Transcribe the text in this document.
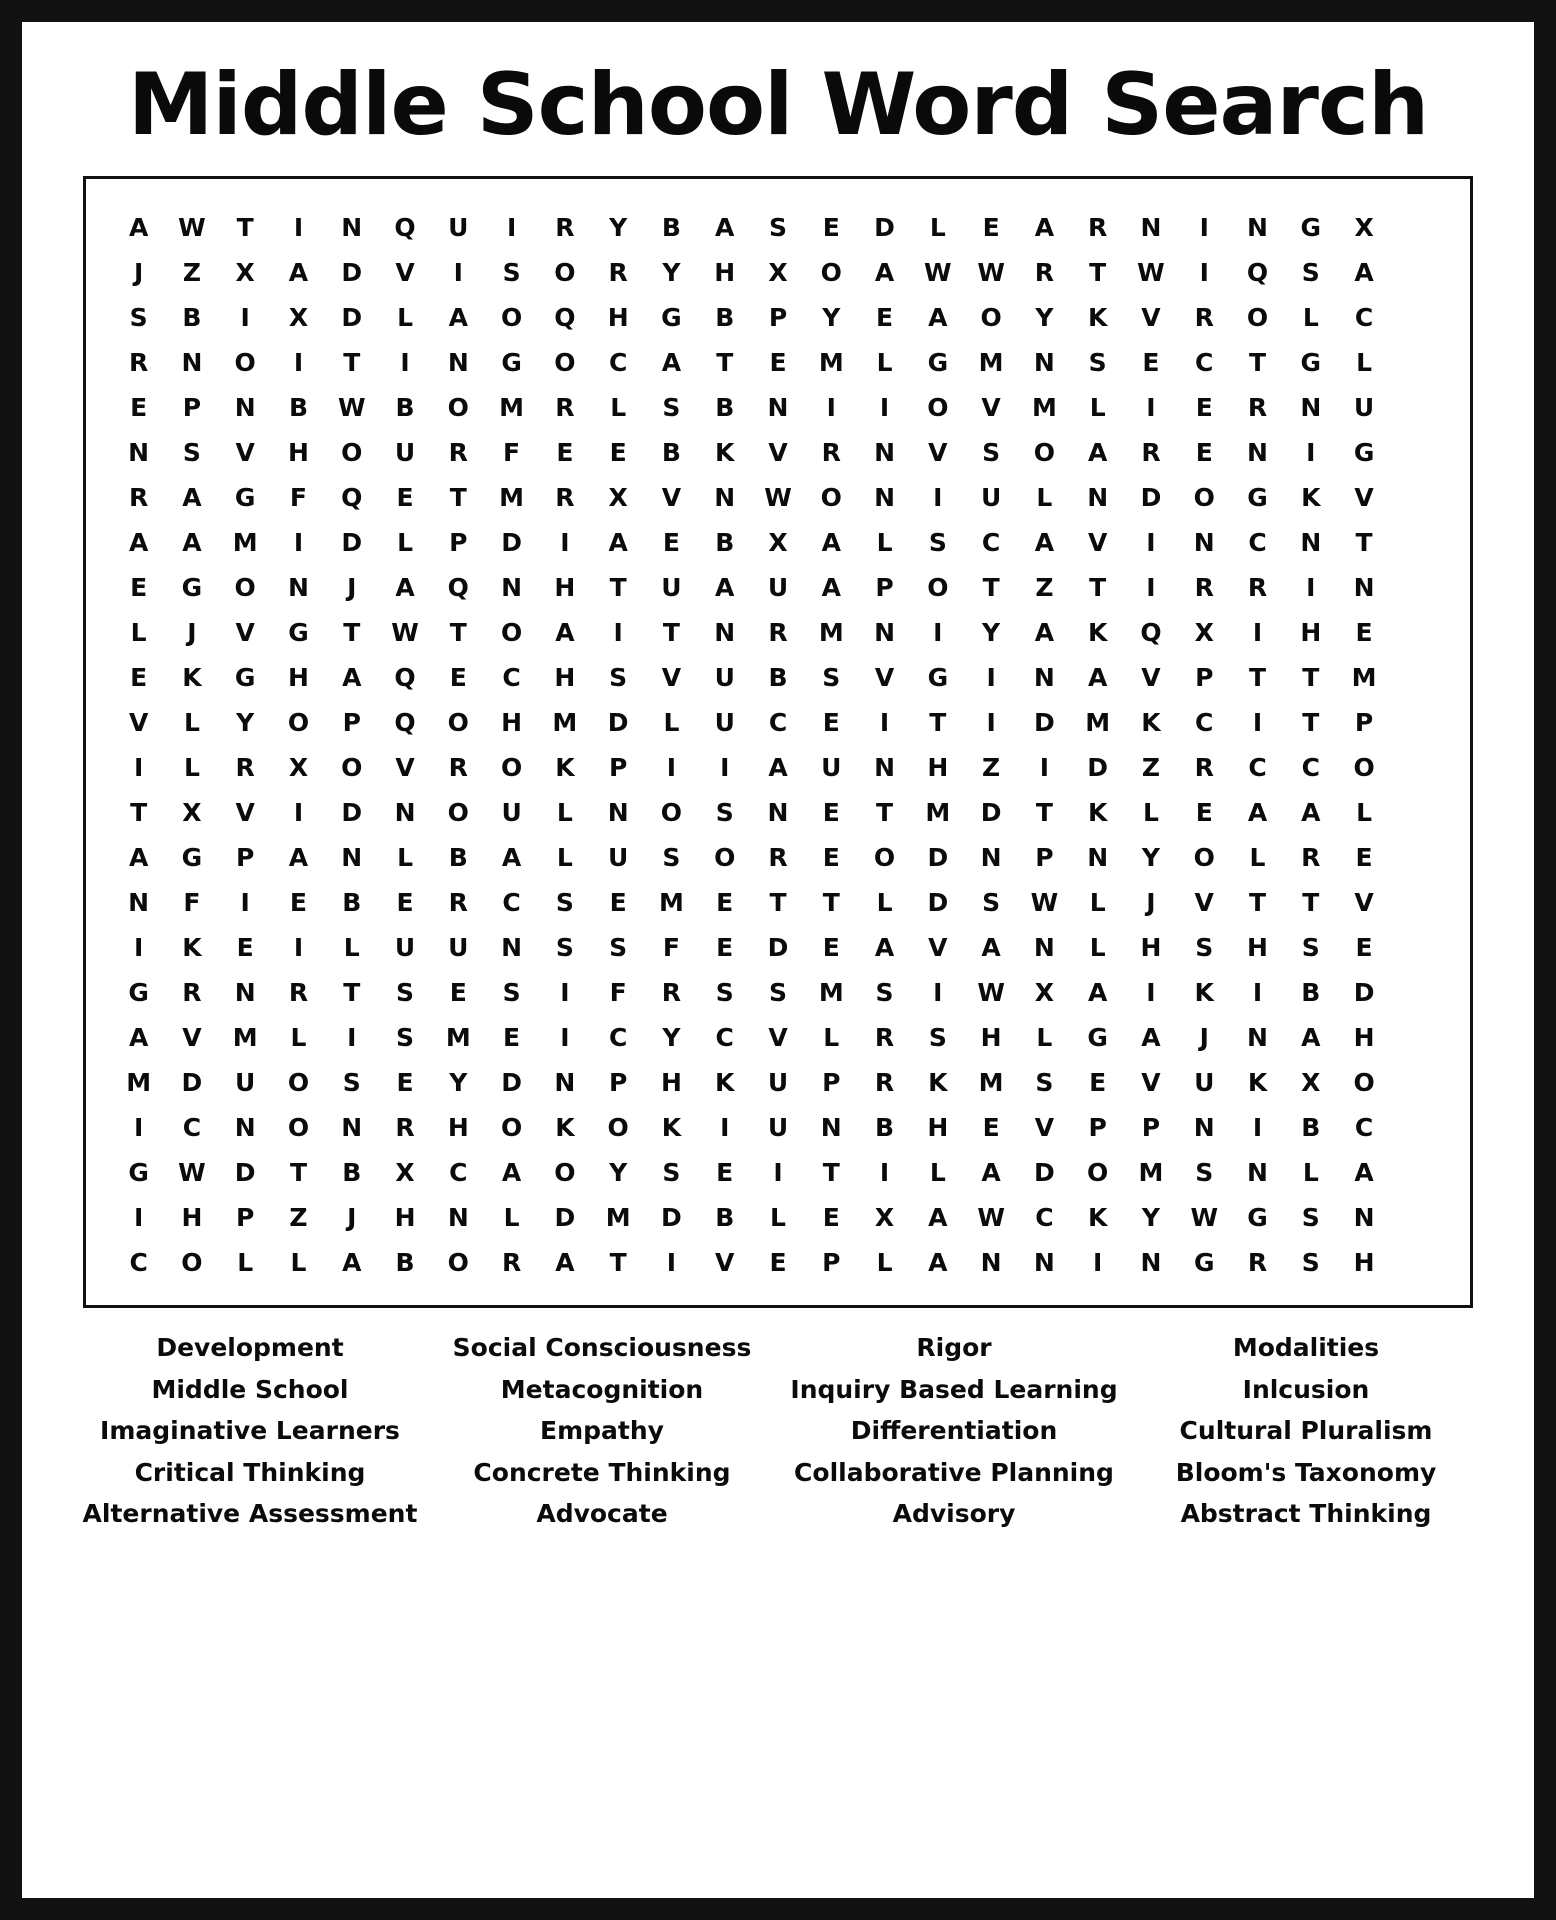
Middle School Word Search
A	W	T	I	N	Q	U	I	R	Y	B	A	S	E	D	L	E	A	R	N	I	N	G	X
J	Z	X	A	D	V	I	S	O	R	Y	H	X	O	A	W	W	R	T	W	I	Q	S	A
S	B	I	X	D	L	A	O	Q	H	G	B	P	Y	E	A	O	Y	K	V	R	O	L	C
R	N	O	I	T	I	N	G	O	C	A	T	E	M	L	G	M	N	S	E	C	T	G	L
E	P	N	B	W	B	O	M	R	L	S	B	N	I	I	O	V	M	L	I	E	R	N	U
N	S	V	H	O	U	R	F	E	E	B	K	V	R	N	V	S	O	A	R	E	N	I	G
R	A	G	F	Q	E	T	M	R	X	V	N	W	O	N	I	U	L	N	D	O	G	K	V
A	A	M	I	D	L	P	D	I	A	E	B	X	A	L	S	C	A	V	I	N	C	N	T
E	G	O	N	J	A	Q	N	H	T	U	A	U	A	P	O	T	Z	T	I	R	R	I	N
L	J	V	G	T	W	T	O	A	I	T	N	R	M	N	I	Y	A	K	Q	X	I	H	E
E	K	G	H	A	Q	E	C	H	S	V	U	B	S	V	G	I	N	A	V	P	T	T	M
V	L	Y	O	P	Q	O	H	M	D	L	U	C	E	I	T	I	D	M	K	C	I	T	P
I	L	R	X	O	V	R	O	K	P	I	I	A	U	N	H	Z	I	D	Z	R	C	C	O
T	X	V	I	D	N	O	U	L	N	O	S	N	E	T	M	D	T	K	L	E	A	A	L
A	G	P	A	N	L	B	A	L	U	S	O	R	E	O	D	N	P	N	Y	O	L	R	E
N	F	I	E	B	E	R	C	S	E	M	E	T	T	L	D	S	W	L	J	V	T	T	V
I	K	E	I	L	U	U	N	S	S	F	E	D	E	A	V	A	N	L	H	S	H	S	E
G	R	N	R	T	S	E	S	I	F	R	S	S	M	S	I	W	X	A	I	K	I	B	D
A	V	M	L	I	S	M	E	I	C	Y	C	V	L	R	S	H	L	G	A	J	N	A	H
M	D	U	O	S	E	Y	D	N	P	H	K	U	P	R	K	M	S	E	V	U	K	X	O
I	C	N	O	N	R	H	O	K	O	K	I	U	N	B	H	E	V	P	P	N	I	B	C
G	W	D	T	B	X	C	A	O	Y	S	E	I	T	I	L	A	D	O	M	S	N	L	A
I	H	P	Z	J	H	N	L	D	M	D	B	L	E	X	A	W	C	K	Y	W	G	S	N
C	O	L	L	A	B	O	R	A	T	I	V	E	P	L	A	N	N	I	N	G	R	S	H
Development
Middle School
Imaginative Learners
Critical Thinking
Alternative Assessment
Social Consciousness
Metacognition
Empathy
Concrete Thinking
Advocate
Rigor
Inquiry Based Learning
Differentiation
Collaborative Planning
Advisory
Modalities
Inlcusion
Cultural Pluralism
Bloom's Taxonomy
Abstract Thinking
